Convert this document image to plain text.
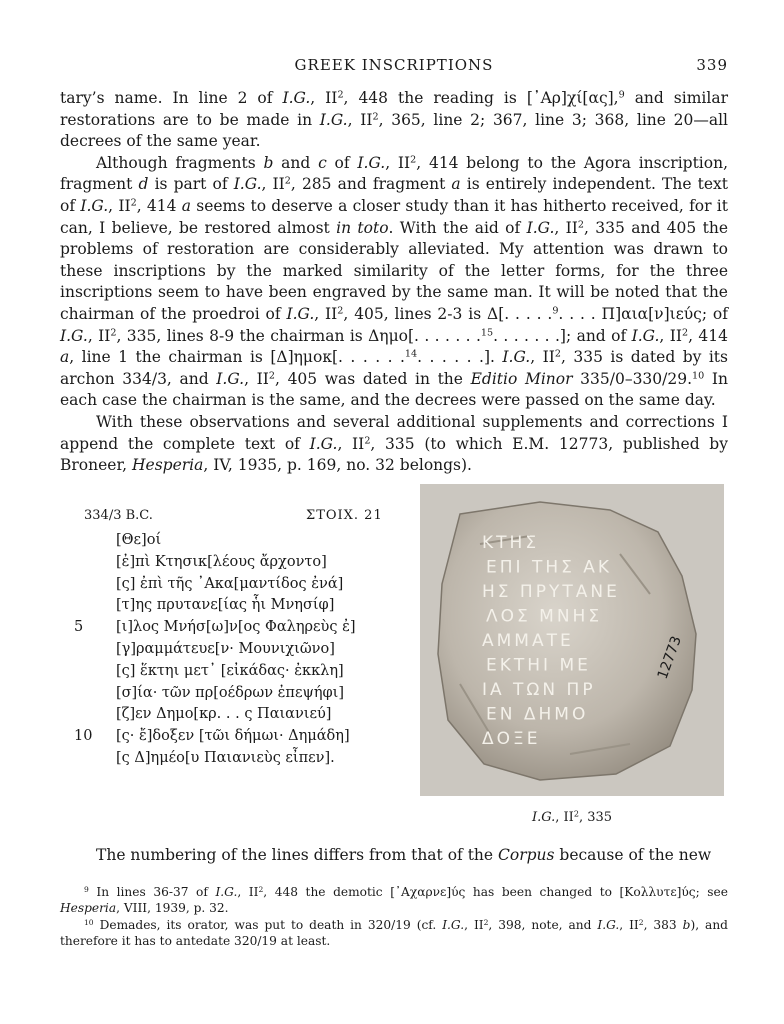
GREEK INSCRIPTIONS	339

tary’s name. In line 2 of I.G., $II^2$, 448 the reading is [᾿Αρ]χί[ας],$^9$ and similar restorations are to be made in I.G., $II^2$, 365, line 2; 367, line 3; 368, line 20—all decrees of the same year.

Although fragments b and c of I.G., $II^2$, 414 belong to the Agora inscription, fragment d is part of I.G., $II^2$, 285 and fragment a is entirely independent. The text of I.G., $II^2$, 414 a seems to deserve a closer study than it has hitherto received, for it can, I believe, be restored almost in toto. With the aid of I.G., $II^2$, 335 and 405 the problems of restoration are considerably alleviated. My attention was drawn to these inscriptions by the marked similarity of the letter forms, for the three inscriptions seem to have been engraved by the same man. It will be noted that the chairman of the proedroi of I.G., $II^2$, 405, lines 2-3 is Δ[. . . . .$^9$. . . . Π]αια[ν]ιεύς; of I.G., $II^2$, 335, lines 8-9 the chairman is Δημο[. . . . . . .$^{15}$. . . . . . .]; and of I.G., $II^2$, 414 a, line 1 the chairman is [Δ]ημοκ[. . . . . .$^{14}$. . . . . .]. I.G., $II^2$, 335 is dated by its archon 334/3, and I.G., $II^2$, 405 was dated in the Editio Minor 335/0–330/29.10 In each case the chairman is the same, and the decrees were passed on the same day.

With these observations and several additional supplements and corrections I append the complete text of I.G., $II^2$, 335 (to which E.M. 12773, published by Broneer, Hesperia, IV, 1935, p. 169, no. 32 belongs).

334/3 B.C.	ΣΤΟΙΧ. 21
[Θε]οί
[ἐ]πὶ Κτησικ[λέους ἄρχοντο]
[ς] ἐπὶ τῆς ᾿Ακα[μαντίδος ἐνά]
[τ]ης πρυτανε[ίας ἧι Μνησίφ]
5	[ι]λος Μνήσ[ω]ν[ος Φαληρεὺς ἐ]
[γ]ραμμάτευε[ν· Μουνιχιῶνο]
[ς] ἕκτηι μετ᾿ [εἰκάδας· ἐκκλη]
[σ]ία· τῶν πρ[οέδρων ἐπεψήφι]
[ζ]εν Δημο[κρ. . . ς Παιανιεύ]
10	[ς· ἔ]δοξεν [τῶι δήμωι· Δημάδη]
[ς Δ]ημέο[υ Παιανιεὺς εἶπεν].
ΚΤΗΣ
ΕΠΙ ΤΗΣ ΑΚ
ΗΣ ΠΡΥΤΑΝΕ
ΛΟΣ ΜΝΗΣ
ΑΜΜΑΤΕ
ΕΚΤΗΙ ΜΕ
ΙΑ ΤΩΝ ΠΡ
ΕΝ ΔΗΜΟ
ΔΟΞΕ
12773
I.G., $II^2$, 335
The numbering of the lines differs from that of the Corpus because of the new

$^9$ In lines 36-37 of I.G., $II^2$, 448 the demotic [᾿Αχαρνε]ύς has been changed to [Κολλυτε]ύς; see Hesperia, VIII, 1939, p. 32.

$^{10}$ Demades, its orator, was put to death in 320/19 (cf. I.G., $II^2$, 398, note, and I.G., $II^2$, 383 b), and therefore it has to antedate 320/19 at least.
